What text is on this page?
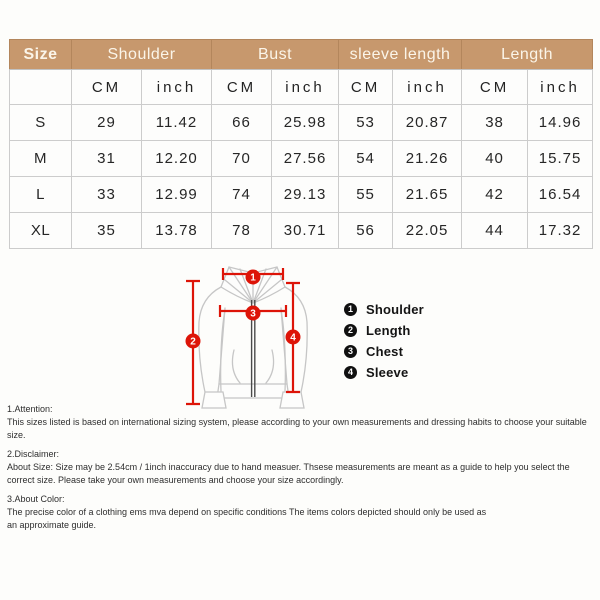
Size	Shoulder		Bust		sleeve length		Length	
	CM	inch	CM	inch	CM	inch	CM	inch
S	29	11.42	66	25.98	53	20.87	38	14.96
M	31	12.20	70	27.56	54	21.26	40	15.75
L	33	12.99	74	29.13	55	21.65	42	16.54
XL	35	13.78	78	30.71	56	22.05	44	17.32
1
2
3
4
1	Shoulder
2	Length
3	Chest
4	Sleeve
1.Attention:
This sizes listed is based on international sizing system, please according to your own measurements and dressing habits to choose your suitable size.
2.Disclaimer:
About Size: Size may be 2.54cm / 1inch inaccuracy due to hand measuer. Thsese measurements are meant as a guide to help you select the correct size. Please take your own measurements and choose your size accordingly.
3.About Color:
The precise color of a clothing ems mva depend on specific conditions The items colors depicted should only be used as an approximate guide.
